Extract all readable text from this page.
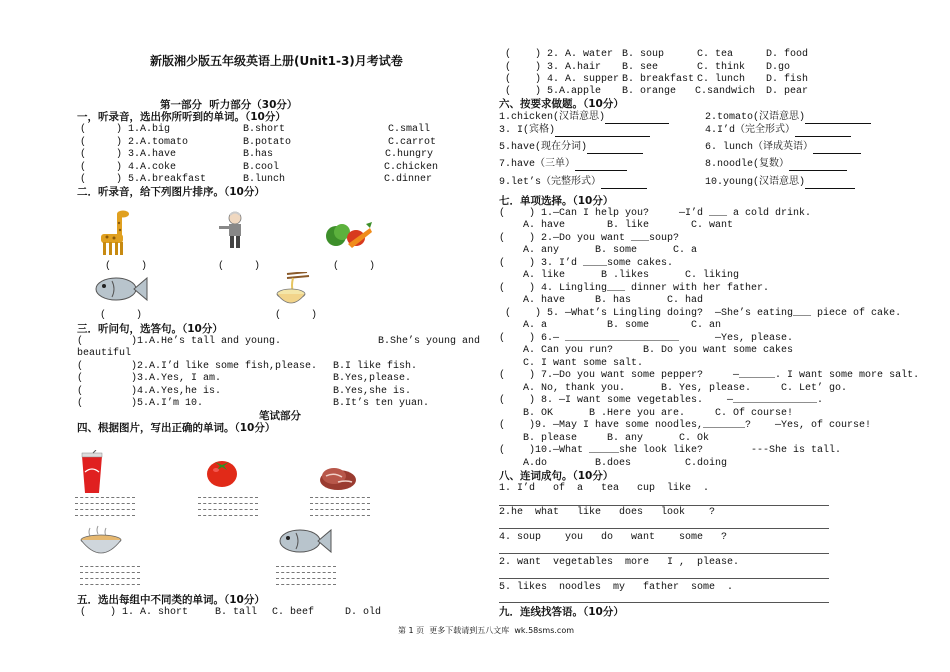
新版湘少版五年级英语上册(Unit1-3)月考试卷
第一部分  听力部分（30分）
一，听录音，选出你所听到的单词。（10分）
(     ) 1.A.big	B.short	C.small
(     ) 2.A.tomato	B.potato	C.carrot
(     ) 3.A.have	B.has	C.hungry
(     ) 4.A.coke	B.cool	C.chicken
(     ) 5.A.breakfast	B.lunch	C.dinner
二．听录音，给下列图片排序。（10分）
(     )	(     )	(     )
(     )	(     )
三．听问句，选答句。（10分）
(        )1.A.He’s tall and young.	B.She’s young and
beautiful
(        )2.A.I’d like some fish,please. B.I like fish.
(        )3.A.Yes, I am.	B.Yes,please.
(        )4.A.Yes,he is.	B.Yes,she is.
(        )5.A.I’m 10.	B.It’s ten yuan.
笔试部分
四、根据图片，写出正确的单词。（10分）
五．选出每组中不同类的单词。（10分）
(    ) 1. A. short	B. tall C. beef	D. old
(    ) 2. A. water B. soup	C. tea	D. food
(    ) 3. A.hair B. see	C. think D.go
(    ) 4. A. supper B. breakfast C. lunch D. fish
(    ) 5.A.apple B. orange C.sandwich D. pear
六、按要求做题。（10分）
1.chicken(汉语意思)	2.tomato(汉语意思)
3. I(宾格)	4.I’d（完全形式）
5.have(现在分词)	6. lunch（译成英语）
7.have（三单）	8.noodle(复数）
9.let’s（完整形式）	10.young(汉语意思)
七．单项选择。（10分）
(    ) 1.—Can I help you?     —I’d ___ a cold drink.
A. have       B. like       C. want
(    ) 2.—Do you want ___soup?
A. any      B. some      C. a
(    ) 3. I’d ____some cakes.
A. like      B .likes      C. liking
(    ) 4. Lingling___ dinner with her father.
A. have     B. has      C. had
(    ) 5. —What’s Lingling doing?  —She’s eating___ piece of cake.
A. a          B. some       C. an
(    ) 6.— ___________________      —Yes, please.
A. Can you run?     B. Do you want some cakes
C. I want some salt.
(    ) 7.—Do you want some pepper?     —______. I want some more salt.
A. No, thank you.      B. Yes, please.     C. Let’ go.
(    ) 8. —I want some vegetables.    —______________.
B. OK      B .Here you are.     C. Of course!
(    )9. —May I have some noodles,_______?    —Yes, of course!
B. please     B. any      C. Ok
(    )10.—What _____she look like?        ---She is tall.
A.do        B.does         C.doing
八、连词成句。（10分）
1. I’d   of  a   tea   cup  like  .
2.he  what   like   does   look    ?
4. soup    you   do   want    some   ?
2. want  vegetables  more   I ,  please.
5. likes  noodles  my   father  some  .
九．连线找答语。（10分）
第 1 页  更多下载请到五八文库  wk.58sms.com
